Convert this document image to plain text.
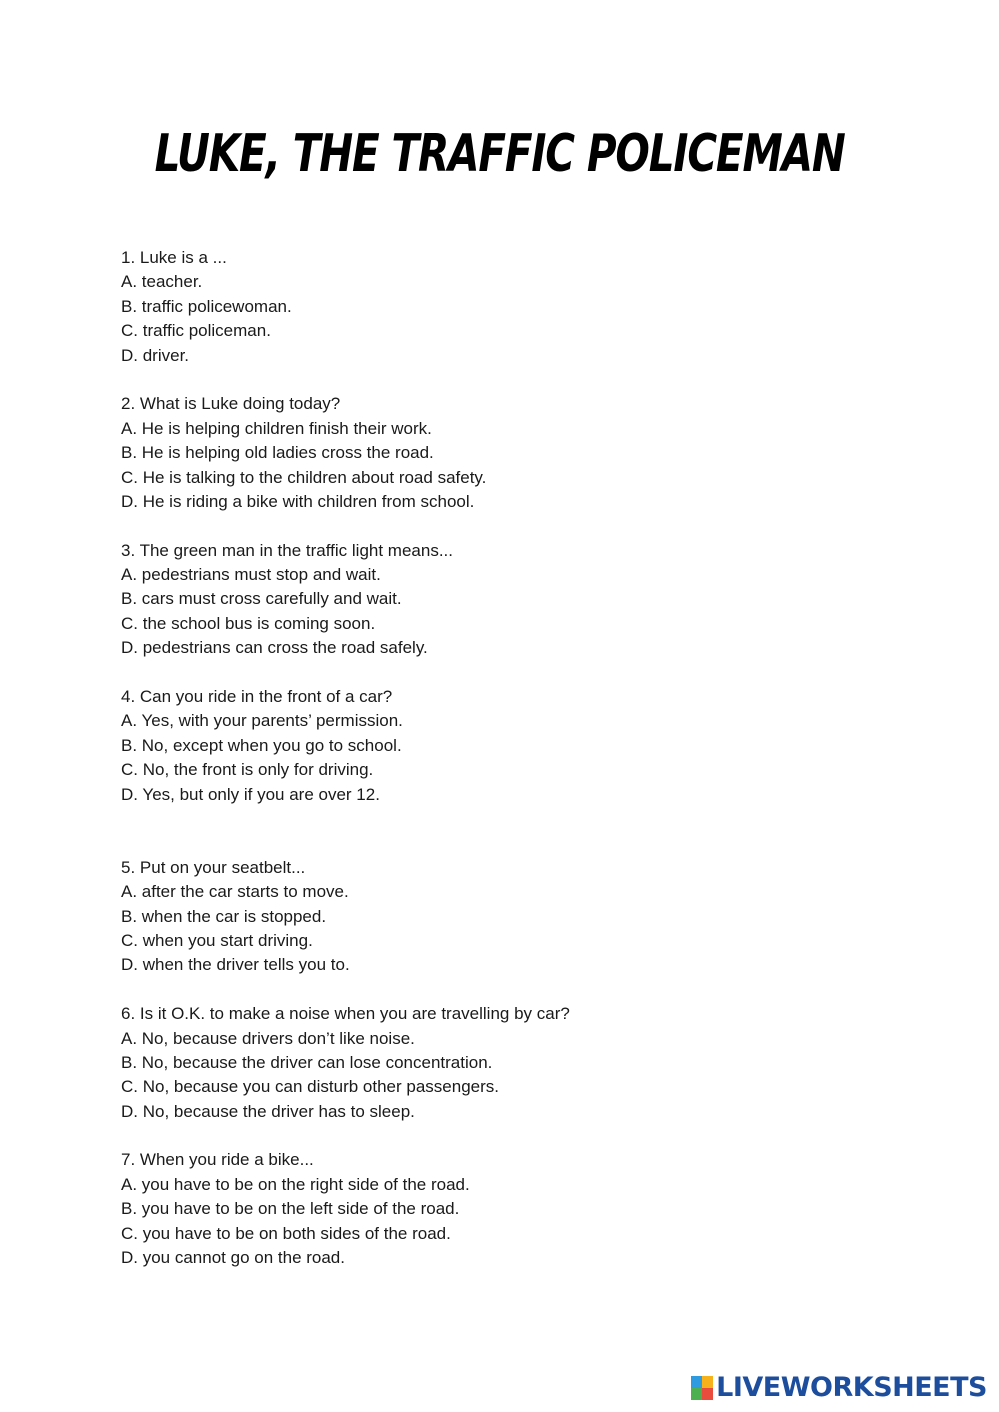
LUKE, THE TRAFFIC POLICEMAN
1. Luke is a ...
A. teacher.
B. traffic policewoman.
C. traffic policeman.
D. driver.
2. What is Luke doing today?
A. He is helping children finish their work.
B. He is helping old ladies cross the road.
C. He is talking to the children about road safety.
D. He is riding a bike with children from school.
3. The green man in the traffic light means...
A. pedestrians must stop and wait.
B. cars must cross carefully and wait.
C. the school bus is coming soon.
D. pedestrians can cross the road safely.
4. Can you ride in the front of a car?
A. Yes, with your parents’ permission.
B. No, except when you go to school.
C. No, the front is only for driving.
D. Yes, but only if you are over 12.
5. Put on your seatbelt...
A. after the car starts to move.
B. when the car is stopped.
C. when you start driving.
D. when the driver tells you to.
6. Is it O.K. to make a noise when you are travelling by car?
A. No, because drivers don’t like noise.
B. No, because the driver can lose concentration.
C. No, because you can disturb other passengers.
D. No, because the driver has to sleep.
7. When you ride a bike...
A. you have to be on the right side of the road.
B. you have to be on the left side of the road.
C. you have to be on both sides of the road.
D. you cannot go on the road.
LIVEWORKSHEETS
